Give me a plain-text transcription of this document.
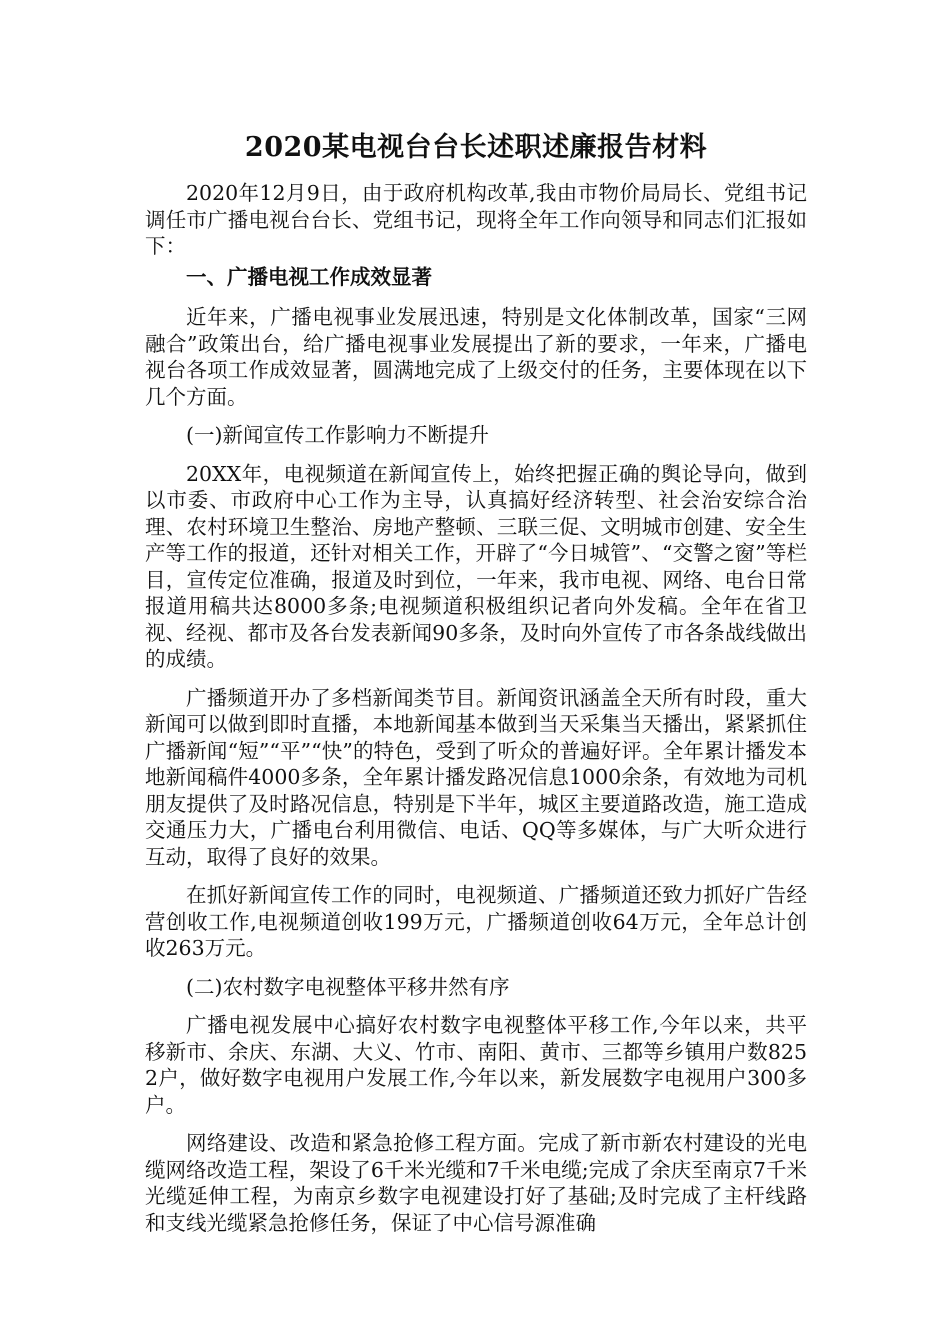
2020某电视台台长述职述廉报告材料

2020年12月9日，由于政府机构改革,我由市物价局局长、党组书记调任市广播电视台台长、党组书记，现将全年工作向领导和同志们汇报如下：

一、广播电视工作成效显著

近年来，广播电视事业发展迅速，特别是文化体制改革，国家“三网融合”政策出台，给广播电视事业发展提出了新的要求，一年来，广播电视台各项工作成效显著，圆满地完成了上级交付的任务，主要体现在以下几个方面。

(一)新闻宣传工作影响力不断提升

20XX年，电视频道在新闻宣传上，始终把握正确的舆论导向，做到以市委、市政府中心工作为主导，认真搞好经济转型、社会治安综合治理、农村环境卫生整治、房地产整顿、三联三促、文明城市创建、安全生产等工作的报道，还针对相关工作，开辟了“今日城管”、“交警之窗”等栏目，宣传定位准确，报道及时到位，一年来，我市电视、网络、电台日常报道用稿共达8000多条;电视频道积极组织记者向外发稿。全年在省卫视、经视、都市及各台发表新闻90多条，及时向外宣传了市各条战线做出的成绩。

广播频道开办了多档新闻类节目。新闻资讯涵盖全天所有时段，重大新闻可以做到即时直播，本地新闻基本做到当天采集当天播出，紧紧抓住广播新闻“短”“平”“快”的特色，受到了听众的普遍好评。全年累计播发本地新闻稿件4000多条，全年累计播发路况信息1000余条，有效地为司机朋友提供了及时路况信息，特别是下半年，城区主要道路改造，施工造成交通压力大，广播电台利用微信、电话、QQ等多媒体，与广大听众进行互动，取得了良好的效果。

在抓好新闻宣传工作的同时，电视频道、广播频道还致力抓好广告经营创收工作,电视频道创收199万元，广播频道创收64万元，全年总计创收263万元。

(二)农村数字电视整体平移井然有序

广播电视发展中心搞好农村数字电视整体平移工作,今年以来，共平移新市、余庆、东湖、大义、竹市、南阳、黄市、三都等乡镇用户数8252户，做好数字电视用户发展工作,今年以来，新发展数字电视用户300多户。

网络建设、改造和紧急抢修工程方面。完成了新市新农村建设的光电缆网络改造工程，架设了6千米光缆和7千米电缆;完成了余庆至南京7千米光缆延伸工程，为南京乡数字电视建设打好了基础;及时完成了主杆线路和支线光缆紧急抢修任务，保证了中心信号源准确
